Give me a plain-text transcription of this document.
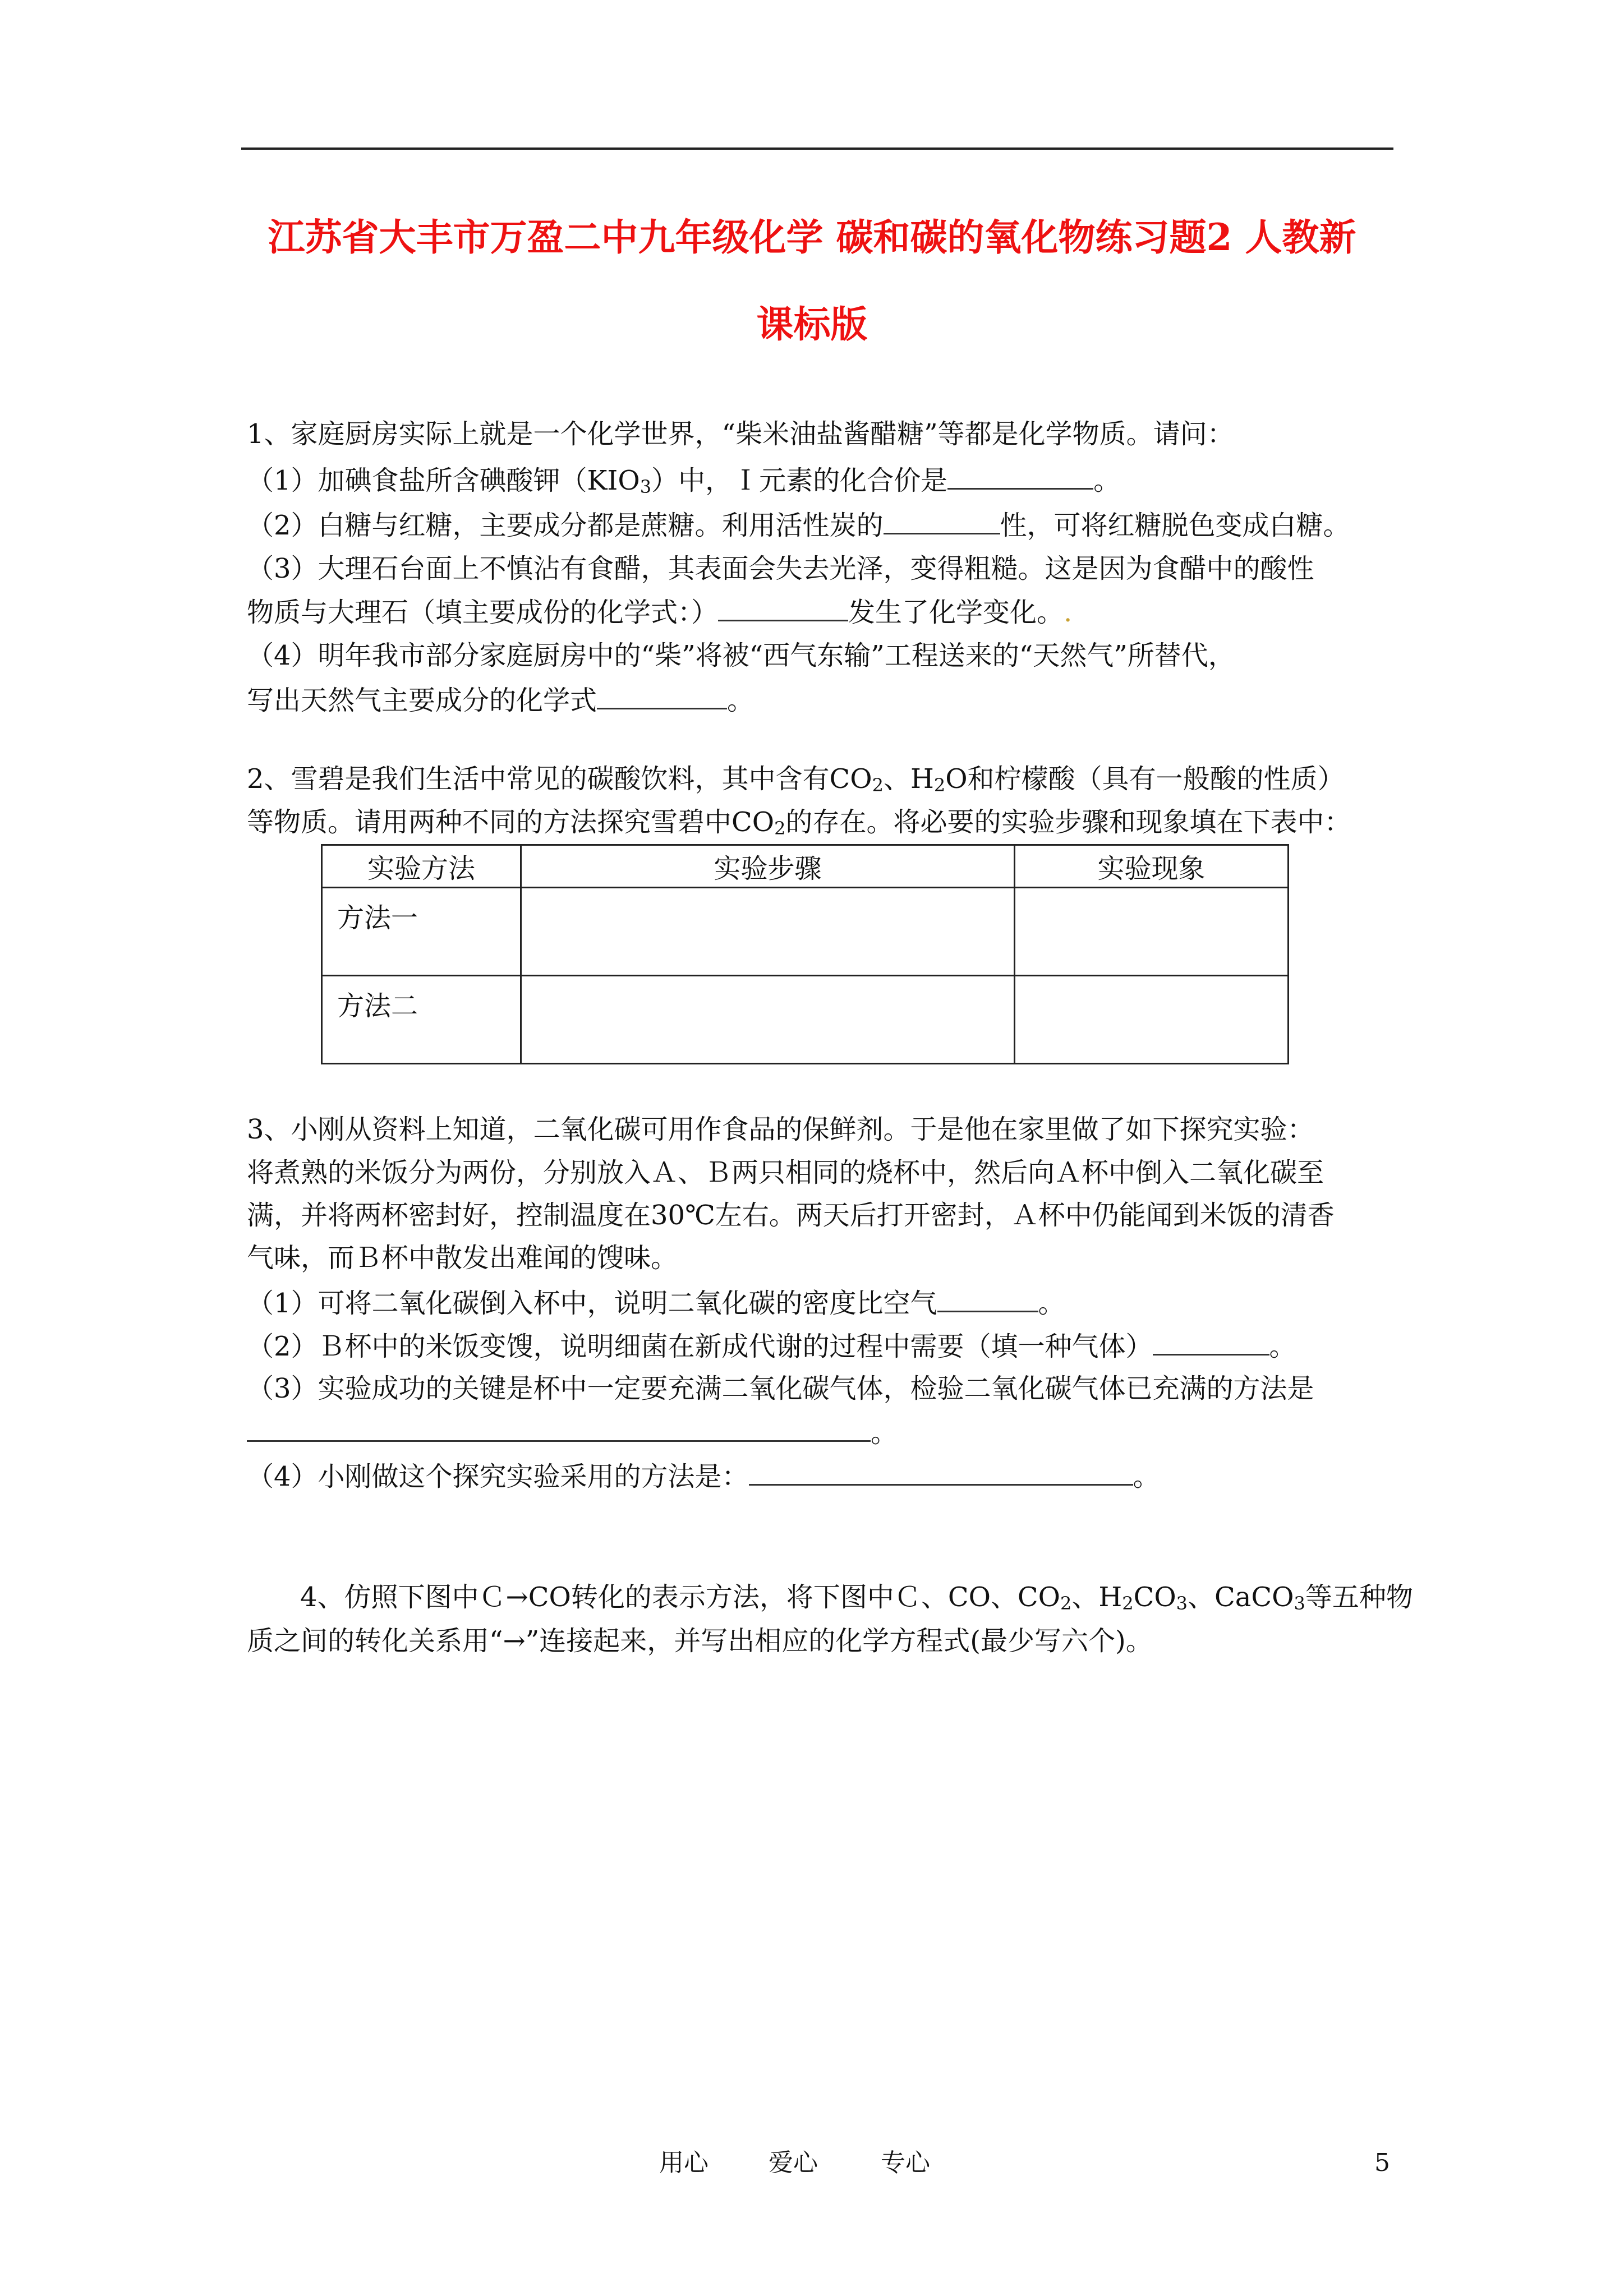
江苏省大丰市万盈二中九年级化学 碳和碳的氧化物练习题2 人教新
课标版
1、家庭厨房实际上就是一个化学世界，“柴米油盐酱醋糖”等都是化学物质。请问：
（1）加碘食盐所含碘酸钾$(KIO_3)$中，Ｉ元素的化合价是	。
（2）白糖与红糖，主要成分都是蔗糖。利用活性炭的	性，可将红糖脱色变成白糖。
（3）大理石台面上不慎沾有食醋，其表面会失去光泽，变得粗糙。这是因为食醋中的酸性
物质与大理石（填主要成份的化学式：）	发生了化学变化。.
（4）明年我市部分家庭厨房中的“柴”将被“西气东输”工程送来的“天然气”所替代，
写出天然气主要成分的化学式	。
2、雪碧是我们生活中常见的碳酸饮料，其中含有$CO_2$、$H_2O$和柠檬酸（具有一般酸的性质）
等物质。请用两种不同的方法探究雪碧中$CO_2$的存在。将必要的实验步骤和现象填在下表中：
实验方法	实验步骤	实验现象
方法一		
方法二		
3、小刚从资料上知道，二氧化碳可用作食品的保鲜剂。于是他在家里做了如下探究实验：
将煮熟的米饭分为两份，分别放入Ａ、Ｂ两只相同的烧杯中，然后向Ａ杯中倒入二氧化碳至
满，并将两杯密封好，控制温度在30℃左右。两天后打开密封，Ａ杯中仍能闻到米饭的清香
气味，而Ｂ杯中散发出难闻的馊味。
（1）可将二氧化碳倒入杯中，说明二氧化碳的密度比空气	。
（2）Ｂ杯中的米饭变馊，说明细菌在新成代谢的过程中需要（填一种气体）	。
（3）实验成功的关键是杯中一定要充满二氧化碳气体，检验二氧化碳气体已充满的方法是
。
（4）小刚做这个探究实验采用的方法是：	。
4、仿照下图中Ｃ→CO转化的表示方法，将下图中Ｃ、CO、$CO_2$、$H_2CO_3$、CaCO$_3$等五种物
质之间的转化关系用“→”连接起来，并写出相应的化学方程式(最少写六个)。
用心 爱心	专心	5
